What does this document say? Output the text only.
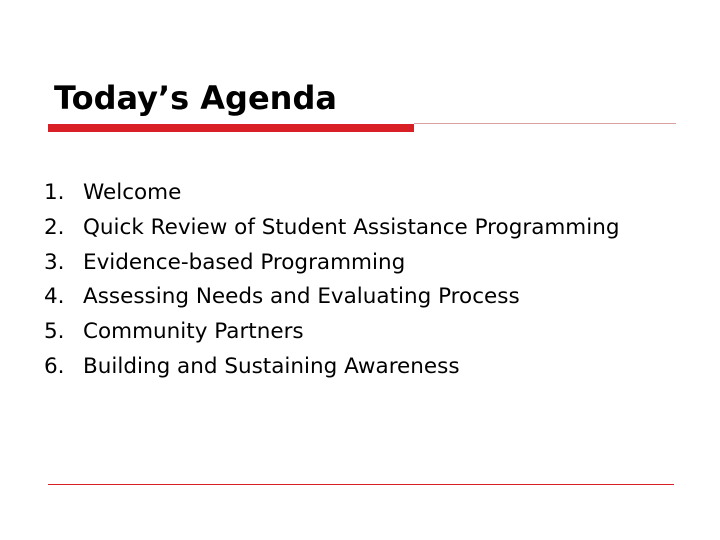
Today’s Agenda
1. Welcome
2. Quick Review of Student Assistance Programming
3. Evidence-based Programming
4. Assessing Needs and Evaluating Process
5. Community Partners
6. Building and Sustaining Awareness
